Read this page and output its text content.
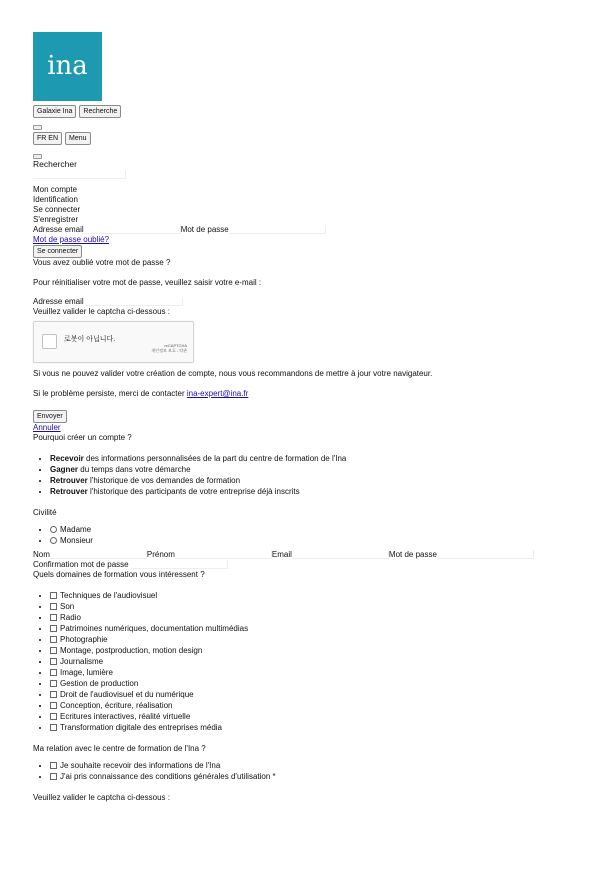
ina
Galaxie Ina	Recherche
FR EN	Menu
Rechercher
Mon compte
Identification
Se connecter
S'enregistrer
Adresse email	Mot de passe
Mot de passe oublié?
Se connecter
Vous avez oublié votre mot de passe ?
Pour réinitialiser votre mot de passe, veuillez saisir votre e-mail :
Adresse email
Veuillez valider le captcha ci-dessous :
로봇이 아닙니다.
reCAPTCHA
개인정보 보호 - 약관
Si vous ne pouvez valider votre création de compte, nous vous recommandons de mettre à jour votre navigateur.
Si le problème persiste, merci de contacter ina-expert@ina.fr
Envoyer
Annuler
Pourquoi créer un compte ?
• Recevoir des informations personnalisées de la part du centre de formation de l'Ina
• Gagner du temps dans votre démarche
• Retrouver l'historique de vos demandes de formation
• Retrouver l'historique des participants de votre entreprise déjà inscrits
Civilité
• Madame
• Monsieur
Nom	Prénom	Email	Mot de passe
Confirmation mot de passe
Quels domaines de formation vous intéressent ?
• Techniques de l'audiovisuel
• Son
• Radio
• Patrimoines numériques, documentation multimédias
• Photographie
• Montage, postproduction, motion design
• Journalisme
• Image, lumière
• Gestion de production
• Droit de l'audiovisuel et du numérique
• Conception, écriture, réalisation
• Ecritures interactives, réalité virtuelle
• Transformation digitale des entreprises média
Ma relation avec le centre de formation de l'Ina ?
• Je souhaite recevoir des informations de l'Ina
• J'ai pris connaissance des conditions générales d'utilisation *
Veuillez valider le captcha ci-dessous :
